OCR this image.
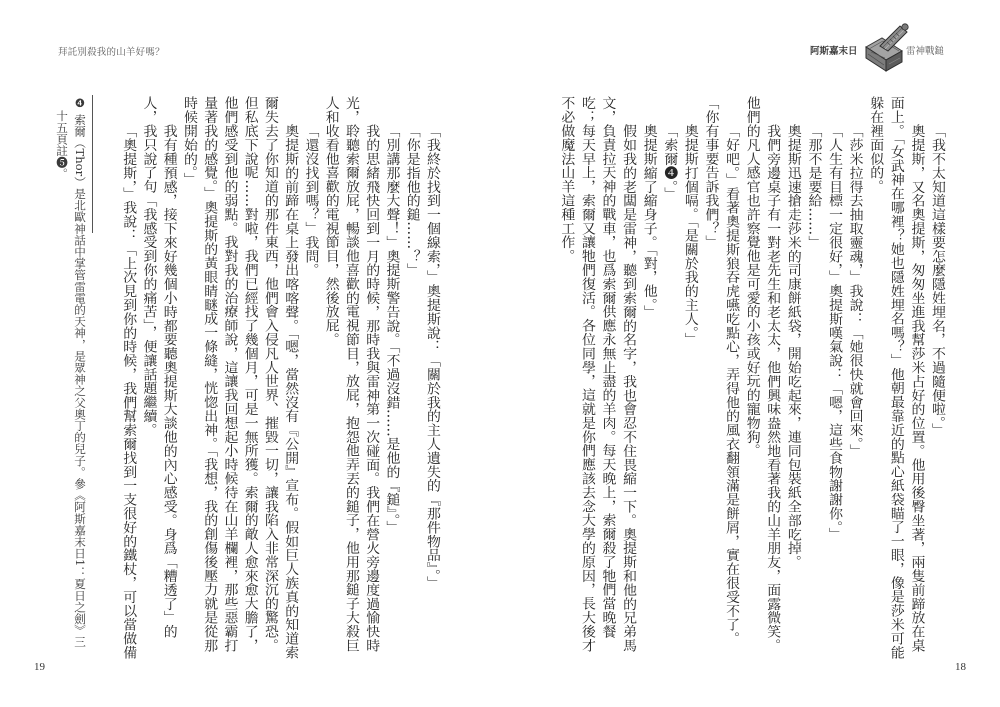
拜託別殺我的山羊好嗎？
❹ 索爾（Thor）是北歐神話中掌管雷電的天神，是眾神之父奧丁的兒子。參《阿斯嘉末日1：夏日之劍》三
十五頁註❺。	「我終於找到一個線索，」奧提斯說：「關於我的主人遺失的『那件物品』。」
「你是指他的鎚……？」
「別講那麼大聲！」奧提斯警告說。「不過沒錯……是他的『鎚』。」
我的思緒飛快回到一月的時候，那時我與雷神第一次碰面。我們在營火旁邊度過愉快時
光，聆聽索爾放屁，暢談他喜歡的電視節目，放屁，抱怨他弄丟的鎚子，他用那鎚子大殺巨
人和收看他喜歡的電視節目，然後放屁。
「還沒找到嗎？」我問。
奧提斯的前蹄在桌上發出喀喀聲。「嗯，當然沒有『公開』宣布。假如巨人族真的知道索
爾失去了你知道的那件東西，他們會入侵凡人世界、摧毀一切，讓我陷入非常深沉的驚恐。
但私底下說呢……對啦，我們已經找了幾個月，可是一無所獲。索爾的敵人愈來愈大膽了，
他們感受到他的弱點。我對我的治療師說，這讓我回想起小時候待在山羊欄裡，那些惡霸打
量著我的感覺。」奧提斯的黃眼睛瞇成一條縫，恍惚出神。「我想，我的創傷後壓力就是從那
時候開始的。」
我有種預感，接下來好幾個小時都要聽奧提斯大談他的內心感受。身爲「糟透了」的
人，我只說了句「我感受到你的痛苦」，便讓話題繼續。
「奧提斯，」我說：「上次見到你的時候，我們幫索爾找到一支很好的鐵杖，可以當做備
19
阿斯嘉末日	雷神戰鎚
「我不太知道這樣要怎麼隱姓埋名，不過隨便啦。」
奧提斯，又名奧提斯，匆匆坐進我幫莎米占好的位置。他用後臀坐著，兩隻前蹄放在桌
面上。「女武神在哪裡？她也隱姓埋名嗎？」他朝最靠近的點心紙袋瞄了一眼，像是莎米可能
躲在裡面似的。
「莎米拉得去抽取靈魂，」我說：「她很快就會回來。」
「人生有目標一定很好，」奧提斯嘆氣說：「嗯，這些食物謝謝你。」
「那不是要給……」
奧提斯迅速搶走莎米的司康餅紙袋，開始吃起來，連同包裝紙全部吃掉。
我們旁邊桌子有一對老先生和老太太，他們興味盎然地看著我的山羊朋友，面露微笑。
他們的凡人感官也許察覺他是可愛的小孩或好玩的寵物狗。
「好吧。」看著奧提斯狼吞虎嚥吃點心，弄得他的風衣翻領滿是餅屑，實在很受不了。
「你有事要告訴我們？」
奧提斯打個嗝。「是關於我的主人。」
「索爾❹。」
奧提斯縮了縮身子。「對，他。」
假如我的老闆是雷神，聽到索爾的名字，我也會忍不住畏縮一下。奧提斯和他的兄弟馬
文，負責拉天神的戰車，也爲索爾供應永無止盡的羊肉。每天晚上，索爾殺了牠們當晚餐
吃；每天早上，索爾又讓牠們復活。各位同學，這就是你們應該去念大學的原因，長大後才
不必做魔法山羊這種工作。
18
